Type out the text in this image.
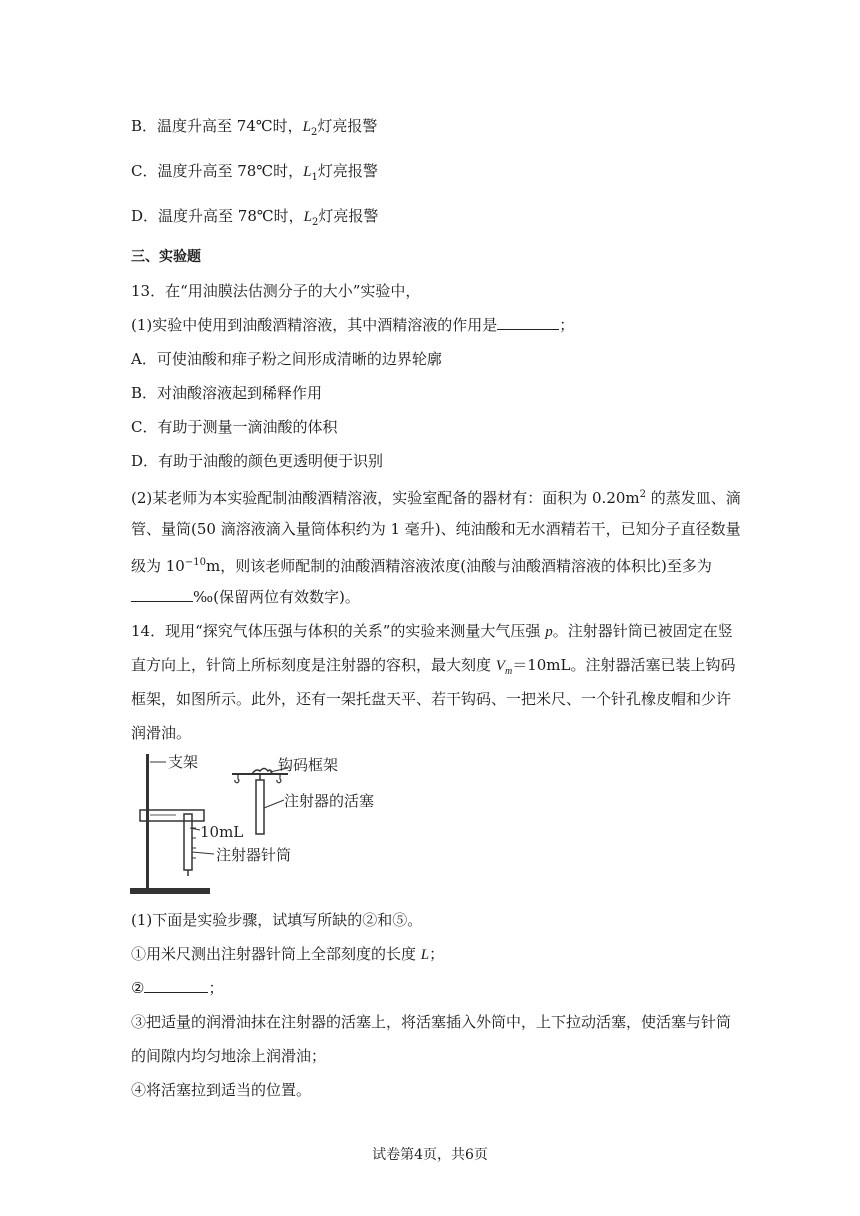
B．温度升高至 74℃时，$L_2$灯亮报警
C．温度升高至 78℃时，$L_1$灯亮报警
D．温度升高至 78℃时，$L_2$灯亮报警
三、实验题
13．在“用油膜法估测分子的大小”实验中，
(1)实验中使用到油酸酒精溶液，其中酒精溶液的作用是	；
A．可使油酸和痱子粉之间形成清晰的边界轮廓
B．对油酸溶液起到稀释作用
C．有助于测量一滴油酸的体积
D．有助于油酸的颜色更透明便于识别
(2)某老师为本实验配制油酸酒精溶液，实验室配备的器材有：面积为 $0.20m^2$ 的蒸发皿、滴
管、量筒(50 滴溶液滴入量筒体积约为 1 毫升)、纯油酸和无水酒精若干，已知分子直径数量
级为 $10^{-10}m$，则该老师配制的油酸酒精溶液浓度(油酸与油酸酒精溶液的体积比)至多为
‰(保留两位有效数字)。
14．现用“探究气体压强与体积的关系”的实验来测量大气压强 p。注射器针筒已被固定在竖
直方向上，针筒上所标刻度是注射器的容积，最大刻度 $V_m=10mL$。注射器活塞已装上钩码
框架，如图所示。此外，还有一架托盘天平、若干钩码、一把米尺、一个针孔橡皮帽和少许
润滑油。
支架
10mL
注射器针筒
钩码框架
注射器的活塞
(1)下面是实验步骤，试填写所缺的②和⑤。
①用米尺测出注射器针筒上全部刻度的长度 L；
②	；
③把适量的润滑油抹在注射器的活塞上，将活塞插入外筒中，上下拉动活塞，使活塞与针筒
的间隙内均匀地涂上润滑油；
④将活塞拉到适当的位置。
试卷第4页，共6页
